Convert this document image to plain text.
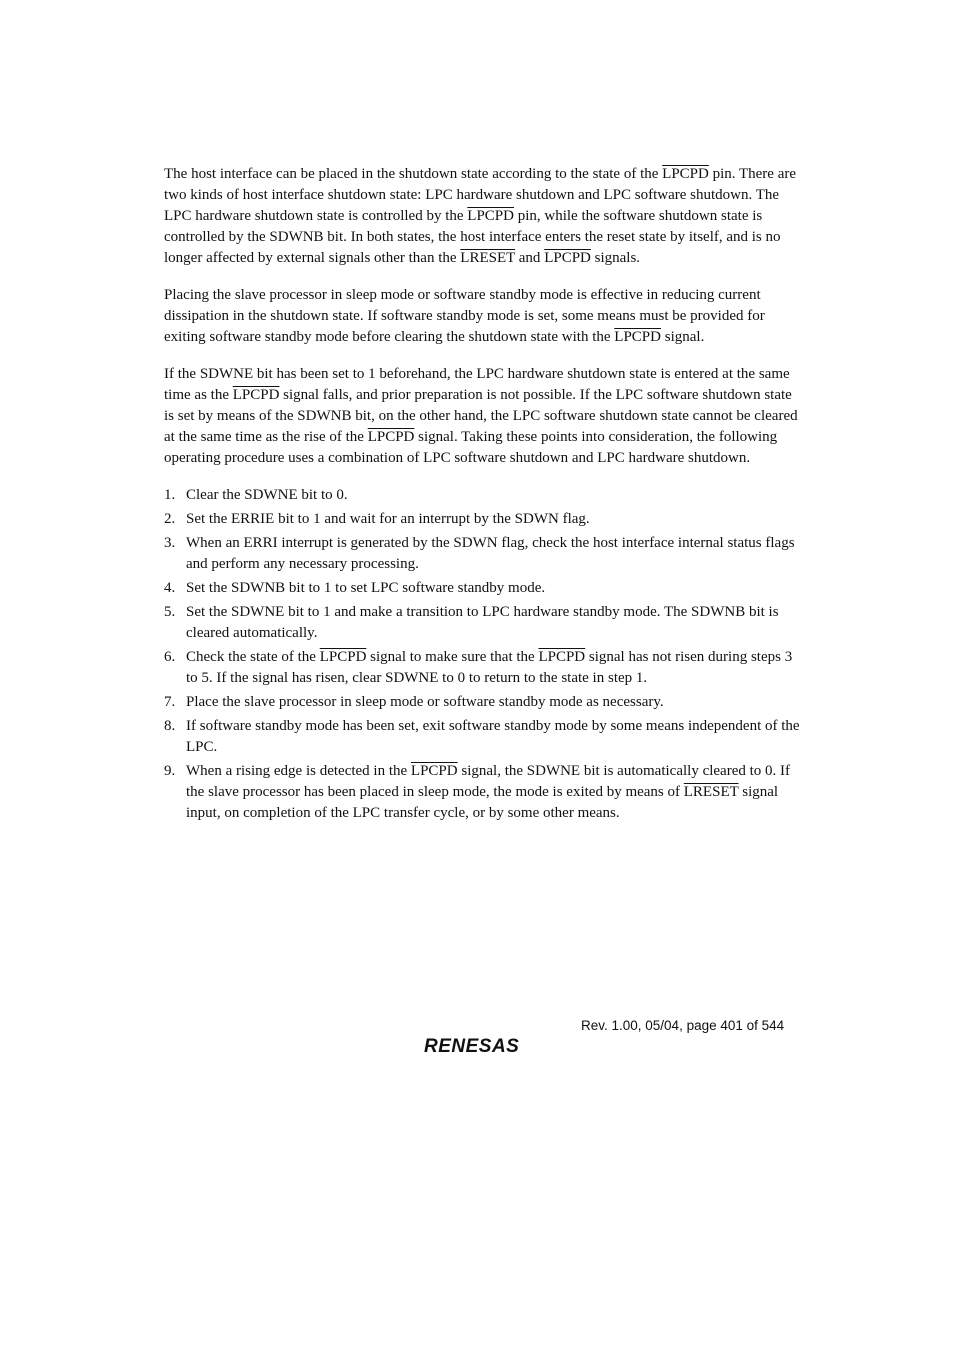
The host interface can be placed in the shutdown state according to the state of the LPCPD pin. There are two kinds of host interface shutdown state: LPC hardware shutdown and LPC software shutdown. The LPC hardware shutdown state is controlled by the LPCPD pin, while the software shutdown state is controlled by the SDWNB bit. In both states, the host interface enters the reset state by itself, and is no longer affected by external signals other than the LRESET and LPCPD signals.

Placing the slave processor in sleep mode or software standby mode is effective in reducing current dissipation in the shutdown state. If software standby mode is set, some means must be provided for exiting software standby mode before clearing the shutdown state with the LPCPD signal.

If the SDWNE bit has been set to 1 beforehand, the LPC hardware shutdown state is entered at the same time as the LPCPD signal falls, and prior preparation is not possible. If the LPC software shutdown state is set by means of the SDWNB bit, on the other hand, the LPC software shutdown state cannot be cleared at the same time as the rise of the LPCPD signal. Taking these points into consideration, the following operating procedure uses a combination of LPC software shutdown and LPC hardware shutdown.

1. Clear the SDWNE bit to 0.
2. Set the ERRIE bit to 1 and wait for an interrupt by the SDWN flag.
3. When an ERRI interrupt is generated by the SDWN flag, check the host interface internal status flags and perform any necessary processing.
4. Set the SDWNB bit to 1 to set LPC software standby mode.
5. Set the SDWNE bit to 1 and make a transition to LPC hardware standby mode. The SDWNB bit is cleared automatically.
6. Check the state of the LPCPD signal to make sure that the LPCPD signal has not risen during steps 3 to 5. If the signal has risen, clear SDWNE to 0 to return to the state in step 1.
7. Place the slave processor in sleep mode or software standby mode as necessary.
8. If software standby mode has been set, exit software standby mode by some means independent of the LPC.
9. When a rising edge is detected in the LPCPD signal, the SDWNE bit is automatically cleared to 0. If the slave processor has been placed in sleep mode, the mode is exited by means of LRESET signal input, on completion of the LPC transfer cycle, or by some other means.
Rev. 1.00, 05/04, page 401 of 544
RENESAS
